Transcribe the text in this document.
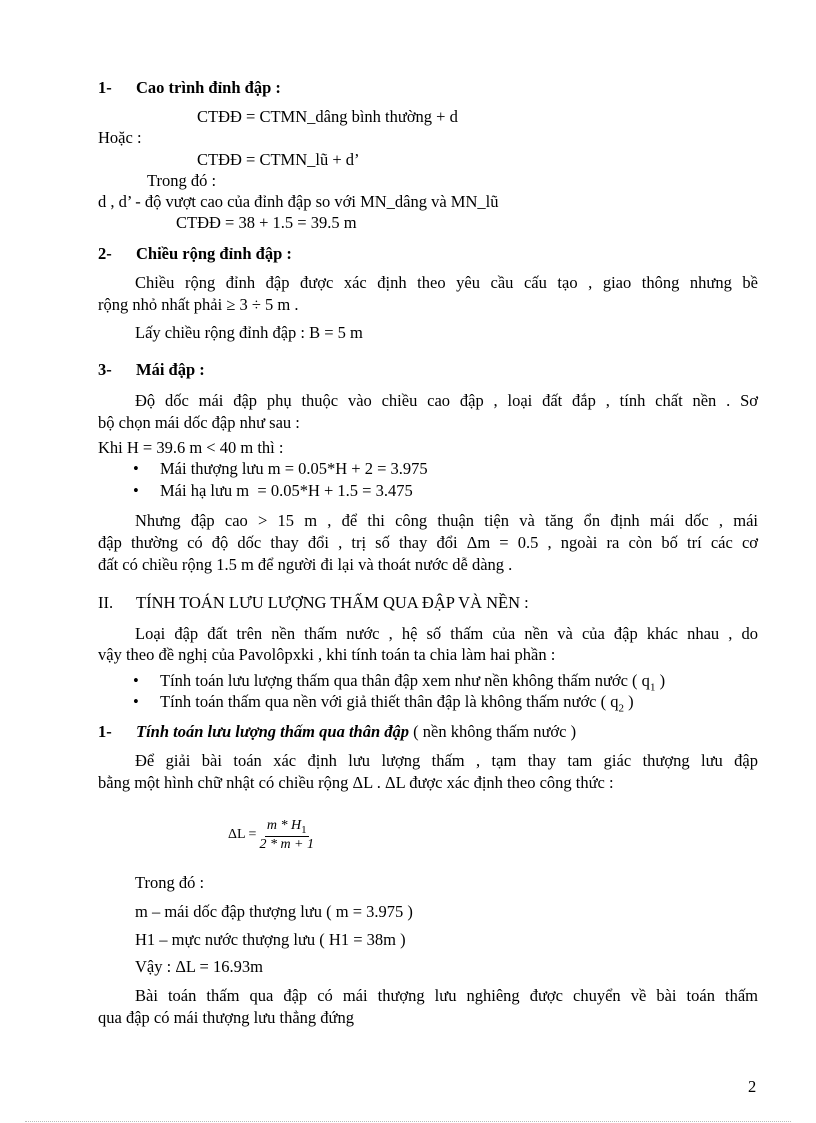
1- Cao trình đỉnh đập :
CTĐĐ = CTMN_dâng bình thường + d
Hoặc :
CTĐĐ = CTMN_lũ + d’
Trong đó :
d , d’ - độ vượt cao của đỉnh đập so với MN_dâng và MN_lũ
CTĐĐ = 38 + 1.5 = 39.5 m
2- Chiều rộng đỉnh đập :
Chiều rộng đỉnh đập được xác định theo yêu cầu cấu tạo , giao thông nhưng bề
rộng nhỏ nhất phải ≥ 3 ÷ 5 m .
Lấy chiều rộng đỉnh đập : B = 5 m
3- Mái đập :
Độ dốc mái đập phụ thuộc vào chiều cao đập , loại đất đắp , tính chất nền . Sơ
bộ chọn mái dốc đập như sau :
Khi H = 39.6 m < 40 m thì :
• Mái thượng lưu m = 0.05*H + 2 = 3.975
• Mái hạ lưu m  = 0.05*H + 1.5 = 3.475
Nhưng đập cao > 15 m , để thi công thuận tiện và tăng ổn định mái dốc , mái
đập thường có độ dốc thay đổi , trị số thay đổi Δm = 0.5 , ngoài ra còn bố trí các cơ
đất có chiều rộng 1.5 m để người đi lại và thoát nước dễ dàng .
II. TÍNH TOÁN LƯU LƯỢNG THẤM QUA ĐẬP VÀ NỀN :
Loại đập đất trên nền thấm nước , hệ số thấm của nền và của đập khác nhau , do
vậy theo đề nghị của Pavolôpxki , khi tính toán ta chia làm hai phần :
• Tính toán lưu lượng thấm qua thân đập xem như nền không thấm nước ( $q_1$ )
• Tính toán thấm qua nền với giả thiết thân đập là không thấm nước ( $q_2$ )
1- Tính toán lưu lượng thấm qua thân đập ( nền không thấm nước )
Để giải bài toán xác định lưu lượng thấm , tạm thay tam giác thượng lưu đập
bằng một hình chữ nhật có chiều rộng ΔL . ΔL được xác định theo công thức :
$\Delta L = \frac{m * H_1}{2 * m + 1}$
Trong đó :
m – mái dốc đập thượng lưu ( m = 3.975 )
H1 – mực nước thượng lưu ( H1 = 38m )
Vậy : ΔL = 16.93m
Bài toán thấm qua đập có mái thượng lưu nghiêng được chuyển về bài toán thấm
qua đập có mái thượng lưu thẳng đứng
2
